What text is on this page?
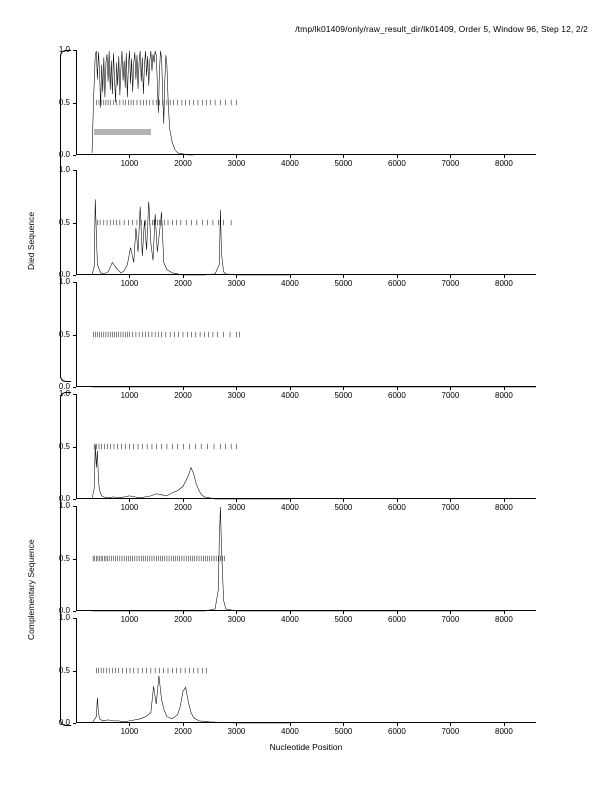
/tmp/lk01409/only/raw_result_dir/lk01409, Order 5, Window 96, Step 12, 2/2
Died Sequence
Complementary Sequence
Nucleotide Position
0.0
0.5
1.0
1000	2000	3000	4000	5000	6000	7000	8000
0.0
0.5
1.0
1000	2000	3000	4000	5000	6000	7000	8000
0.0
0.5
1.0
1000	2000	3000	4000	5000	6000	7000	8000
0.0
0.5
1.0
1000	2000	3000	4000	5000	6000	7000	8000
0.0
0.5
1.0
1000	2000	3000	4000	5000	6000	7000	8000
0.0
0.5
1.0
1000	2000	3000	4000	5000	6000	7000	8000
